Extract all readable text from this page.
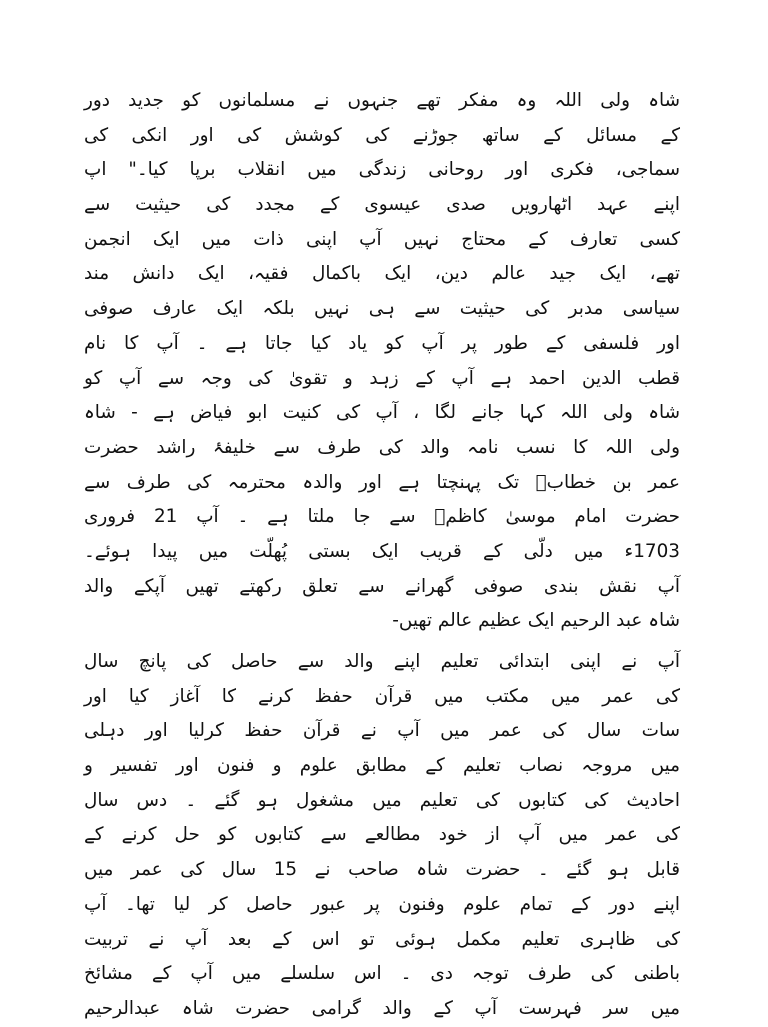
شاہ ولی اللہ وہ مفکر تھے جنہوں نے مسلمانوں کو جدید دور
کے مسائل کے ساتھ جوڑنے کی کوشش کی اور انکی کی
سماجی، فکری اور روحانی زندگی میں انقلاب برپا کیا۔" اپ
اپنے عہد اٹھارویں صدی عیسوی کے مجدد کی حیثیت سے
کسی تعارف کے محتاج نہیں آپ اپنی ذات میں ایک انجمن
تھے، ایک جید عالم دین، ایک باکمال فقیہ، ایک دانش مند
سیاسی مدبر کی حیثیت سے ہی نہیں بلکہ ایک عارف صوفی
اور فلسفی کے طور پر آپ کو یاد کیا جاتا ہے ۔ آپ کا نام
قطب الدین احمد ہے آپ کے زہد و تقویٰ کی وجہ سے آپ کو
شاہ ولی اللہ کہا جانے لگا ، آپ کی کنیت ابو فیاض ہے - شاہ
ولی اللہ کا نسب نامہ والد کی طرف سے خلیفۂ راشد حضرت
عمر بن خطابؓ تک پہنچتا ہے اور والدہ محترمہ کی طرف سے
حضرت امام موسیٰ کاظمؒ سے جا ملتا ہے ۔ آپ 21 فروری
1703ء میں دلّی کے قریب ایک بستی پُھلّت میں پیدا ہوئے۔
آپ نقش بندی صوفی گھرانے سے تعلق رکھتے تھیں آپکے والد
شاہ عبد الرحیم ایک عظیم عالم تھیں-
آپ نے اپنی ابتدائی تعلیم اپنے والد سے حاصل کی پانچ سال
کی عمر میں مکتب میں قرآن حفظ کرنے کا آغاز کیا اور
سات سال کی عمر میں آپ نے قرآن حفظ کرلیا اور دہلی
میں مروجہ نصاب تعلیم کے مطابق علوم و فنون اور تفسیر و
احادیث کی کتابوں کی تعلیم میں مشغول ہو گئے ۔ دس سال
کی عمر میں آپ از خود مطالعے سے کتابوں کو حل کرنے کے
قابل ہو گئے ۔ حضرت شاہ صاحب نے 15 سال کی عمر میں
اپنے دور کے تمام علوم وفنون پر عبور حاصل کر لیا تھا۔ آپ
کی ظاہری تعلیم مکمل ہوئی تو اس کے بعد آپ نے تربیت
باطنی کی طرف توجہ دی ۔ اس سلسلے میں آپ کے مشائخ
میں سر فہرست آپ کے والد گرامی حضرت شاہ عبدالرحیم
